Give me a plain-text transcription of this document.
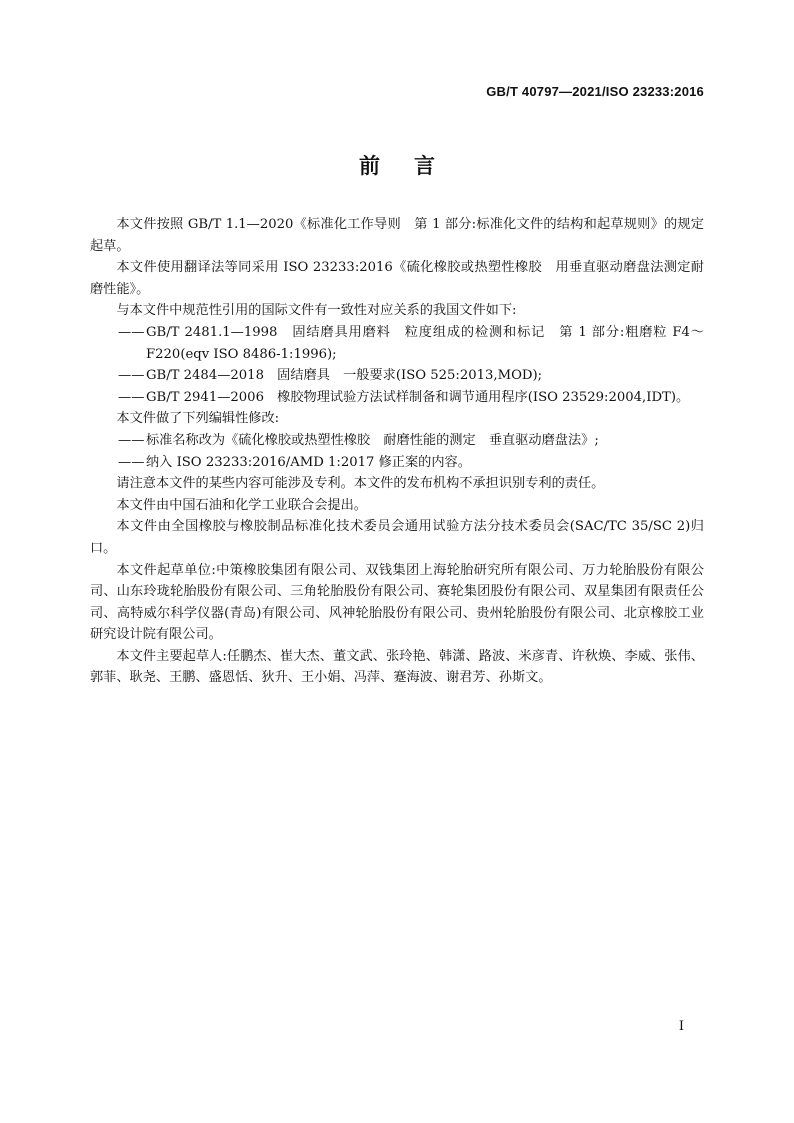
GB/T 40797—2021/ISO 23233:2016
前言

本文件按照 GB/T 1.1—2020《标准化工作导则　第 1 部分:标准化文件的结构和起草规则》的规定起草。

本文件使用翻译法等同采用 ISO 23233:2016《硫化橡胶或热塑性橡胶　用垂直驱动磨盘法测定耐磨性能》。

与本文件中规范性引用的国际文件有一致性对应关系的我国文件如下:

—— GB/T 2481.1—1998　固结磨具用磨料　粒度组成的检测和标记　第 1 部分:粗磨粒 F4～F220(eqv ISO 8486-1:1996);

—— GB/T 2484—2018　固结磨具　一般要求(ISO 525:2013,MOD);

—— GB/T 2941—2006　橡胶物理试验方法试样制备和调节通用程序(ISO 23529:2004,IDT)。

本文件做了下列编辑性修改:

—— 标准名称改为《硫化橡胶或热塑性橡胶　耐磨性能的测定　垂直驱动磨盘法》;

—— 纳入 ISO 23233:2016/AMD 1:2017 修正案的内容。

请注意本文件的某些内容可能涉及专利。本文件的发布机构不承担识别专利的责任。

本文件由中国石油和化学工业联合会提出。

本文件由全国橡胶与橡胶制品标准化技术委员会通用试验方法分技术委员会(SAC/TC 35/SC 2)归口。

本文件起草单位:中策橡胶集团有限公司、双钱集团上海轮胎研究所有限公司、万力轮胎股份有限公司、山东玲珑轮胎股份有限公司、三角轮胎股份有限公司、赛轮集团股份有限公司、双星集团有限责任公司、高特威尔科学仪器(青岛)有限公司、风神轮胎股份有限公司、贵州轮胎股份有限公司、北京橡胶工业研究设计院有限公司。

本文件主要起草人:任鹏杰、崔大杰、董文武、张玲艳、韩潇、路波、米彦青、许秋焕、李威、张伟、郭菲、耿尧、王鹏、盛恩恬、狄升、王小娟、冯萍、蹇海波、谢君芳、孙斯文。

I
